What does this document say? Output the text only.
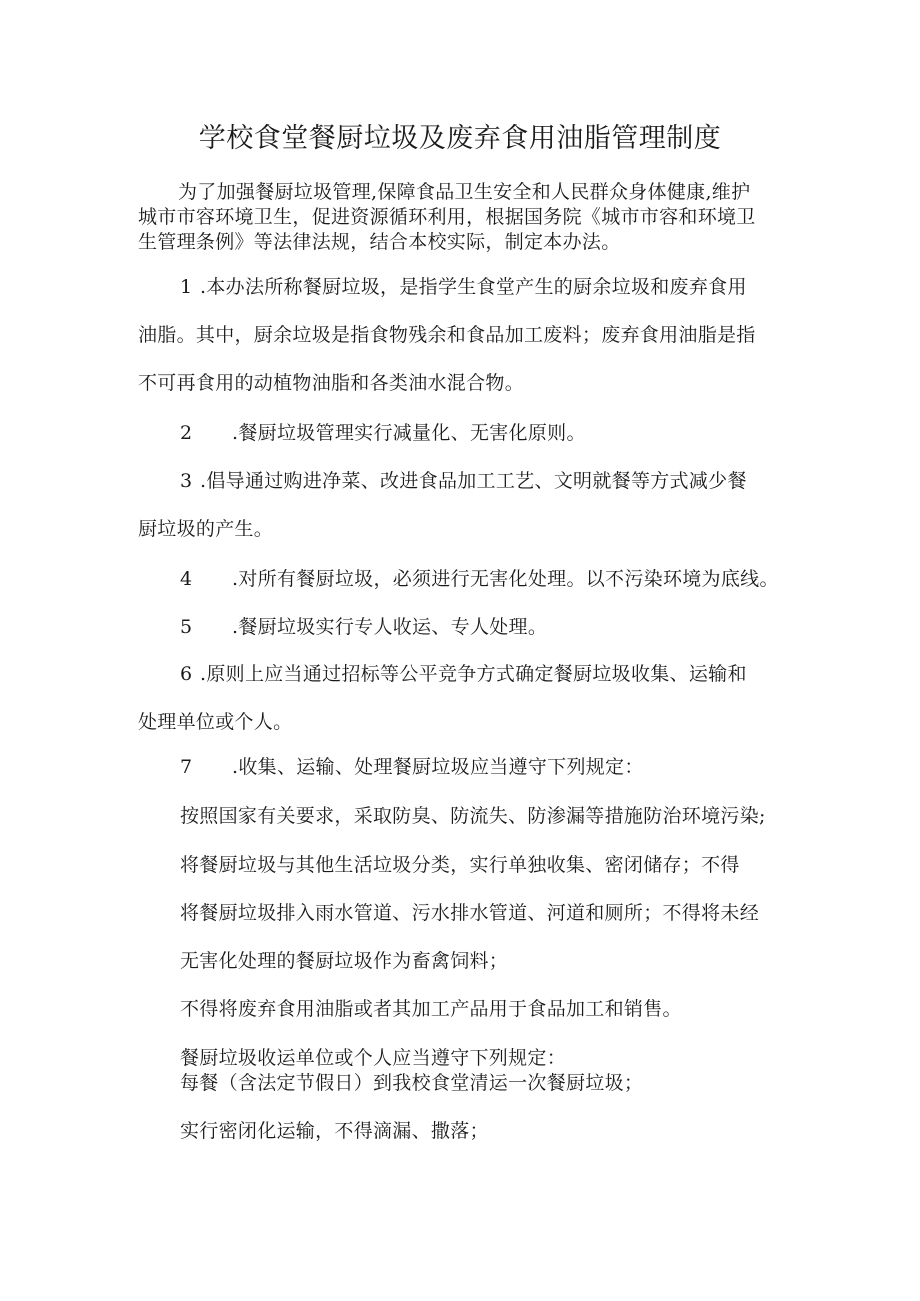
学校食堂餐厨垃圾及废弃食用油脂管理制度
为了加强餐厨垃圾管理,保障食品卫生安全和人民群众身体健康,维护
城市市容环境卫生，促进资源循环利用，根据国务院《城市市容和环境卫
生管理条例》等法律法规，结合本校实际，制定本办法。
1 .本办法所称餐厨垃圾，是指学生食堂产生的厨余垃圾和废弃食用
油脂。其中，厨余垃圾是指食物残余和食品加工废料；废弃食用油脂是指
不可再食用的动植物油脂和各类油水混合物。
2 .餐厨垃圾管理实行减量化、无害化原则。
3 .倡导通过购进净菜、改进食品加工工艺、文明就餐等方式减少餐
厨垃圾的产生。
4 .对所有餐厨垃圾，必须进行无害化处理。以不污染环境为底线。
5 .餐厨垃圾实行专人收运、专人处理。
6 .原则上应当通过招标等公平竞争方式确定餐厨垃圾收集、运输和
处理单位或个人。
7 .收集、运输、处理餐厨垃圾应当遵守下列规定：
按照国家有关要求，采取防臭、防流失、防渗漏等措施防治环境污染;
将餐厨垃圾与其他生活垃圾分类，实行单独收集、密闭储存；不得
将餐厨垃圾排入雨水管道、污水排水管道、河道和厕所；不得将未经
无害化处理的餐厨垃圾作为畜禽饲料；
不得将废弃食用油脂或者其加工产品用于食品加工和销售。
餐厨垃圾收运单位或个人应当遵守下列规定：
每餐（含法定节假日）到我校食堂清运一次餐厨垃圾；
实行密闭化运输，不得滴漏、撒落；
